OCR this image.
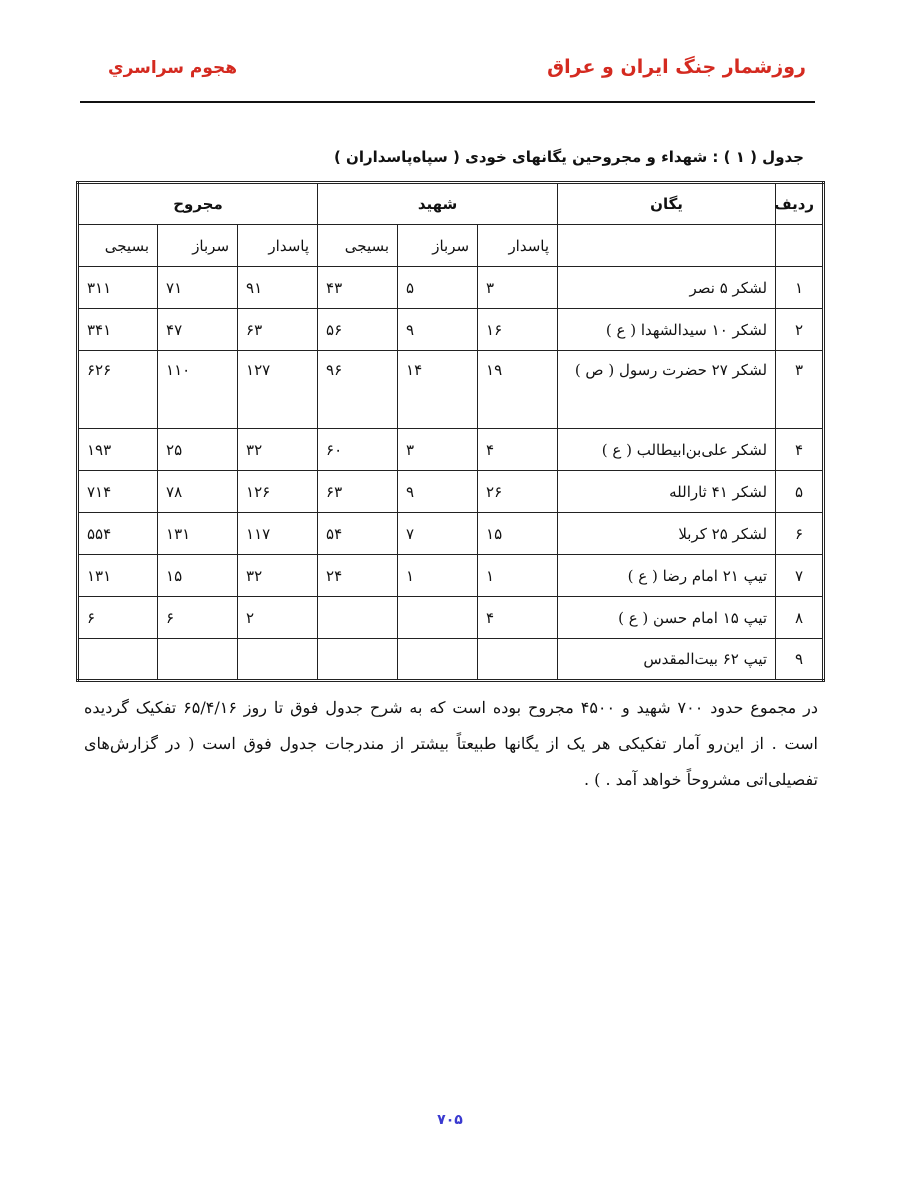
روزشمار جنگ ايران و عراق
هجوم سراسري
جدول ( ۱ ) : شهداء و مجروحين يگانهای خودی ( سپاه‌پاسداران )
رديف	يگان	شهيد			مجروح		
		پاسدار	سرباز	بسيجی	پاسدار	سرباز	بسيجی
۱	لشکر ۵ نصر	۳	۵	۴۳	۹۱	۷۱	۳۱۱
۲	لشکر ۱۰ سيدالشهدا ( ع )	۱۶	۹	۵۶	۶۳	۴۷	۳۴۱
۳	لشکر ۲۷ حضرت رسول ( ص )	۱۹	۱۴	۹۶	۱۲۷	۱۱۰	۶۲۶
۴	لشکر علی‌بن‌ابيطالب ( ع )	۴	۳	۶۰	۳۲	۲۵	۱۹۳
۵	لشکر ۴۱ ثارالله	۲۶	۹	۶۳	۱۲۶	۷۸	۷۱۴
۶	لشکر ۲۵ کربلا	۱۵	۷	۵۴	۱۱۷	۱۳۱	۵۵۴
۷	تيپ ۲۱ امام رضا ( ع )	۱	۱	۲۴	۳۲	۱۵	۱۳۱
۸	تيپ ۱۵ امام حسن ( ع )	۴			۲	۶	۶
۹	تيپ ۶۲ بيت‌المقدس						
در مجموع حدود ۷۰۰ شهيد و ۴۵۰۰ مجروح بوده است که به شرح جدول فوق تا روز ۶۵/۴/۱۶ تفکيک گرديده است . از اين‌رو آمار تفکيکی هر يک از يگانها طبيعتاً بيشتر از مندرجات جدول فوق است ( در گزارش‌های تفصيلی‌اتی مشروحاً خواهد آمد . ) .
۷۰۵
